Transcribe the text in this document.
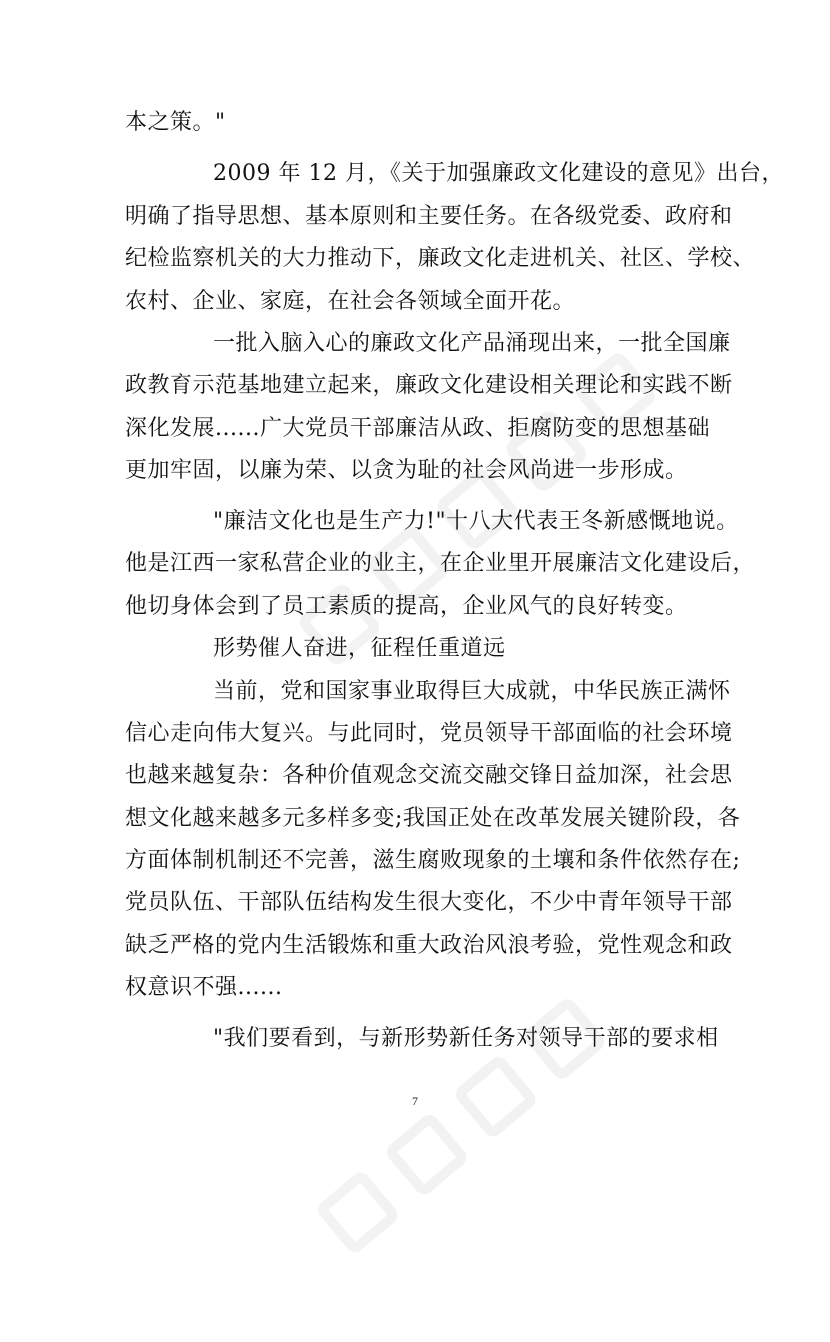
本之策。"
2009 年 12 月，《关于加强廉政文化建设的意见》出台，
明确了指导思想、基本原则和主要任务。在各级党委、政府和
纪检监察机关的大力推动下，廉政文化走进机关、社区、学校、
农村、企业、家庭，在社会各领域全面开花。
一批入脑入心的廉政文化产品涌现出来，一批全国廉
政教育示范基地建立起来，廉政文化建设相关理论和实践不断
深化发展......广大党员干部廉洁从政、拒腐防变的思想基础
更加牢固，以廉为荣、以贪为耻的社会风尚进一步形成。
"廉洁文化也是生产力!"十八大代表王冬新感慨地说。
他是江西一家私营企业的业主，在企业里开展廉洁文化建设后，
他切身体会到了员工素质的提高，企业风气的良好转变。
形势催人奋进，征程任重道远
当前，党和国家事业取得巨大成就，中华民族正满怀
信心走向伟大复兴。与此同时，党员领导干部面临的社会环境
也越来越复杂：各种价值观念交流交融交锋日益加深，社会思
想文化越来越多元多样多变;我国正处在改革发展关键阶段，各
方面体制机制还不完善，滋生腐败现象的土壤和条件依然存在;
党员队伍、干部队伍结构发生很大变化，不少中青年领导干部
缺乏严格的党内生活锻炼和重大政治风浪考验，党性观念和政
权意识不强......
"我们要看到，与新形势新任务对领导干部的要求相
7
